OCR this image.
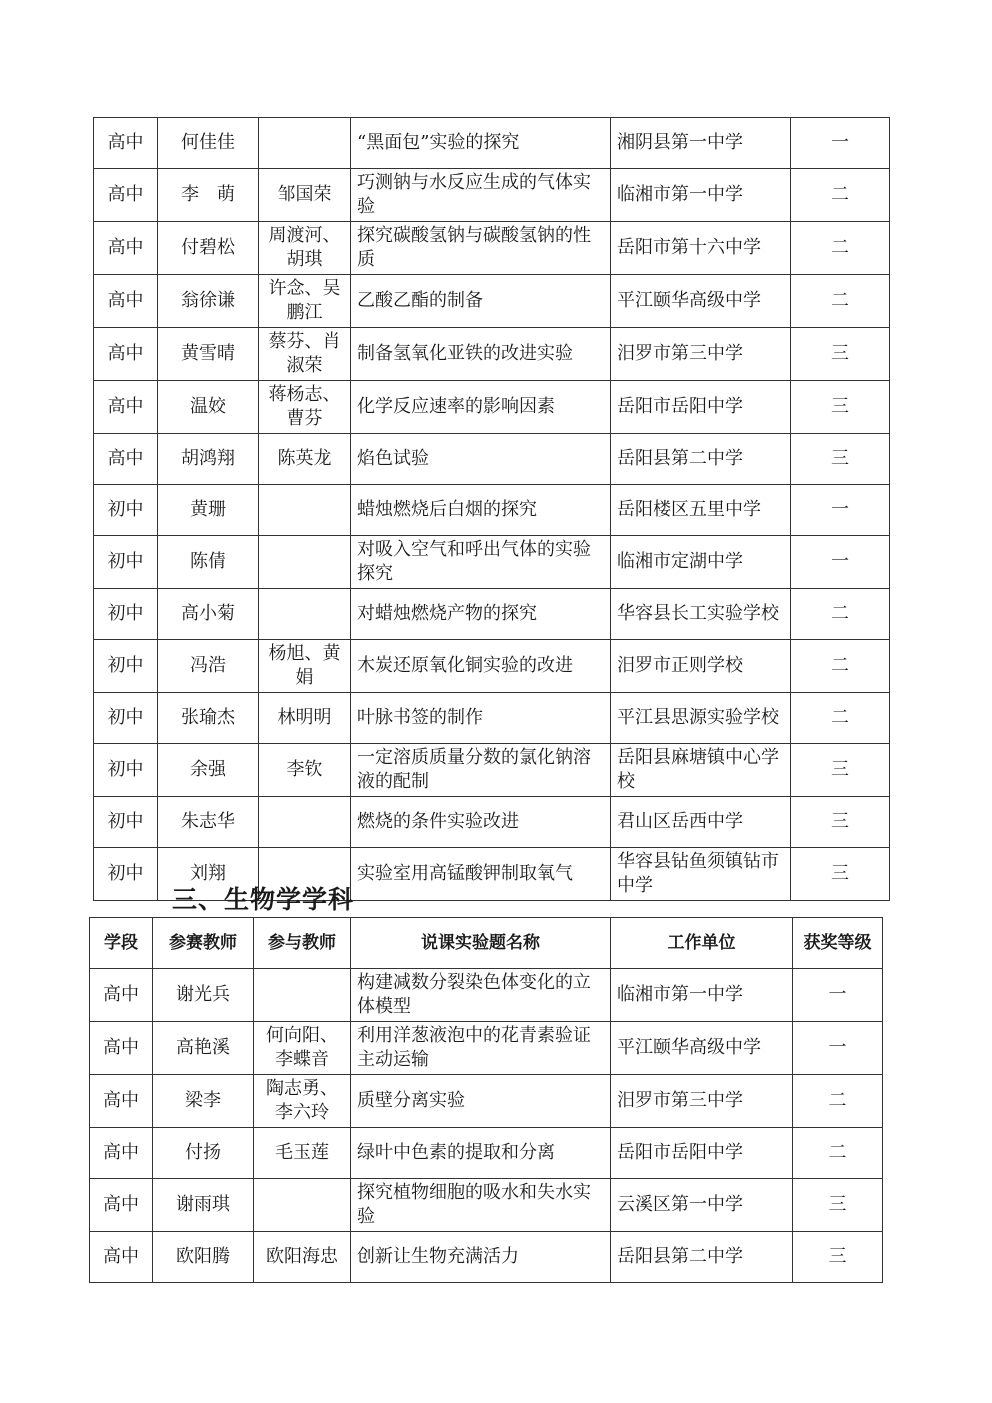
高中	何佳佳		“黑面包”实验的探究	湘阴县第一中学	一
高中	李　萌	邹国荣	巧测钠与水反应生成的气体实验	临湘市第一中学	二
高中	付碧松	周渡河、胡琪	探究碳酸氢钠与碳酸氢钠的性质	岳阳市第十六中学	二
高中	翁徐谦	许念、吴鹏江	乙酸乙酯的制备	平江颐华高级中学	二
高中	黄雪晴	蔡芬、肖淑荣	制备氢氧化亚铁的改进实验	汨罗市第三中学	三
高中	温姣	蒋杨志、曹芬	化学反应速率的影响因素	岳阳市岳阳中学	三
高中	胡鸿翔	陈英龙	焰色试验	岳阳县第二中学	三
初中	黄珊		蜡烛燃烧后白烟的探究	岳阳楼区五里中学	一
初中	陈倩		对吸入空气和呼出气体的实验探究	临湘市定湖中学	一
初中	高小菊		对蜡烛燃烧产物的探究	华容县长工实验学校	二
初中	冯浩	杨旭、黄娟	木炭还原氧化铜实验的改进	汨罗市正则学校	二
初中	张瑜杰	林明明	叶脉书签的制作	平江县思源实验学校	二
初中	余强	李钦	一定溶质质量分数的氯化钠溶液的配制	岳阳县麻塘镇中心学校	三
初中	朱志华		燃烧的条件实验改进	君山区岳西中学	三
初中	刘翔		实验室用高锰酸钾制取氧气	华容县钻鱼须镇钻市中学	三
三、生物学学科
学段	参赛教师	参与教师	说课实验题名称	工作单位	获奖等级
高中	谢光兵		构建减数分裂染色体变化的立体模型	临湘市第一中学	一
高中	高艳溪	何向阳、李蝶音	利用洋葱液泡中的花青素验证主动运输	平江颐华高级中学	一
高中	梁李	陶志勇、李六玲	质壁分离实验	汨罗市第三中学	二
高中	付扬	毛玉莲	绿叶中色素的提取和分离	岳阳市岳阳中学	二
高中	谢雨琪		探究植物细胞的吸水和失水实验	云溪区第一中学	三
高中	欧阳腾	欧阳海忠	创新让生物充满活力	岳阳县第二中学	三
